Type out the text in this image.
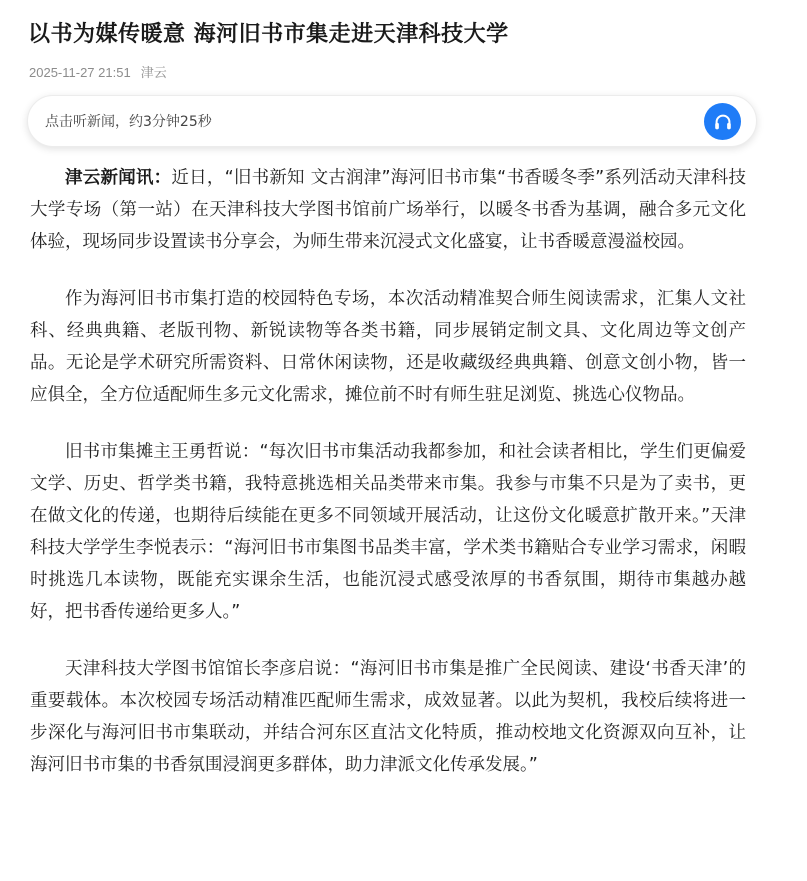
以书为媒传暖意 海河旧书市集走进天津科技大学
2025-11-27 21:51 津云
点击听新闻，约3分钟25秒

津云新闻讯：近日，“旧书新知 文古润津”海河旧书市集“书香暖冬季”系列活动天津科技大学专场（第一站）在天津科技大学图书馆前广场举行，以暖冬书香为基调，融合多元文化体验，现场同步设置读书分享会，为师生带来沉浸式文化盛宴，让书香暖意漫溢校园。

作为海河旧书市集打造的校园特色专场，本次活动精准契合师生阅读需求，汇集人文社科、经典典籍、老版刊物、新锐读物等各类书籍，同步展销定制文具、文化周边等文创产品。无论是学术研究所需资料、日常休闲读物，还是收藏级经典典籍、创意文创小物，皆一应俱全，全方位适配师生多元文化需求，摊位前不时有师生驻足浏览、挑选心仪物品。

旧书市集摊主王勇哲说：“每次旧书市集活动我都参加，和社会读者相比，学生们更偏爱文学、历史、哲学类书籍，我特意挑选相关品类带来市集。我参与市集不只是为了卖书，更在做文化的传递，也期待后续能在更多不同领域开展活动，让这份文化暖意扩散开来。”天津科技大学学生李悦表示：“海河旧书市集图书品类丰富，学术类书籍贴合专业学习需求，闲暇时挑选几本读物，既能充实课余生活，也能沉浸式感受浓厚的书香氛围，期待市集越办越好，把书香传递给更多人。”

天津科技大学图书馆馆长李彦启说：“海河旧书市集是推广全民阅读、建设‘书香天津’的重要载体。本次校园专场活动精准匹配师生需求，成效显著。以此为契机，我校后续将进一步深化与海河旧书市集联动，并结合河东区直沽文化特质，推动校地文化资源双向互补，让海河旧书市集的书香氛围浸润更多群体，助力津派文化传承发展。”
